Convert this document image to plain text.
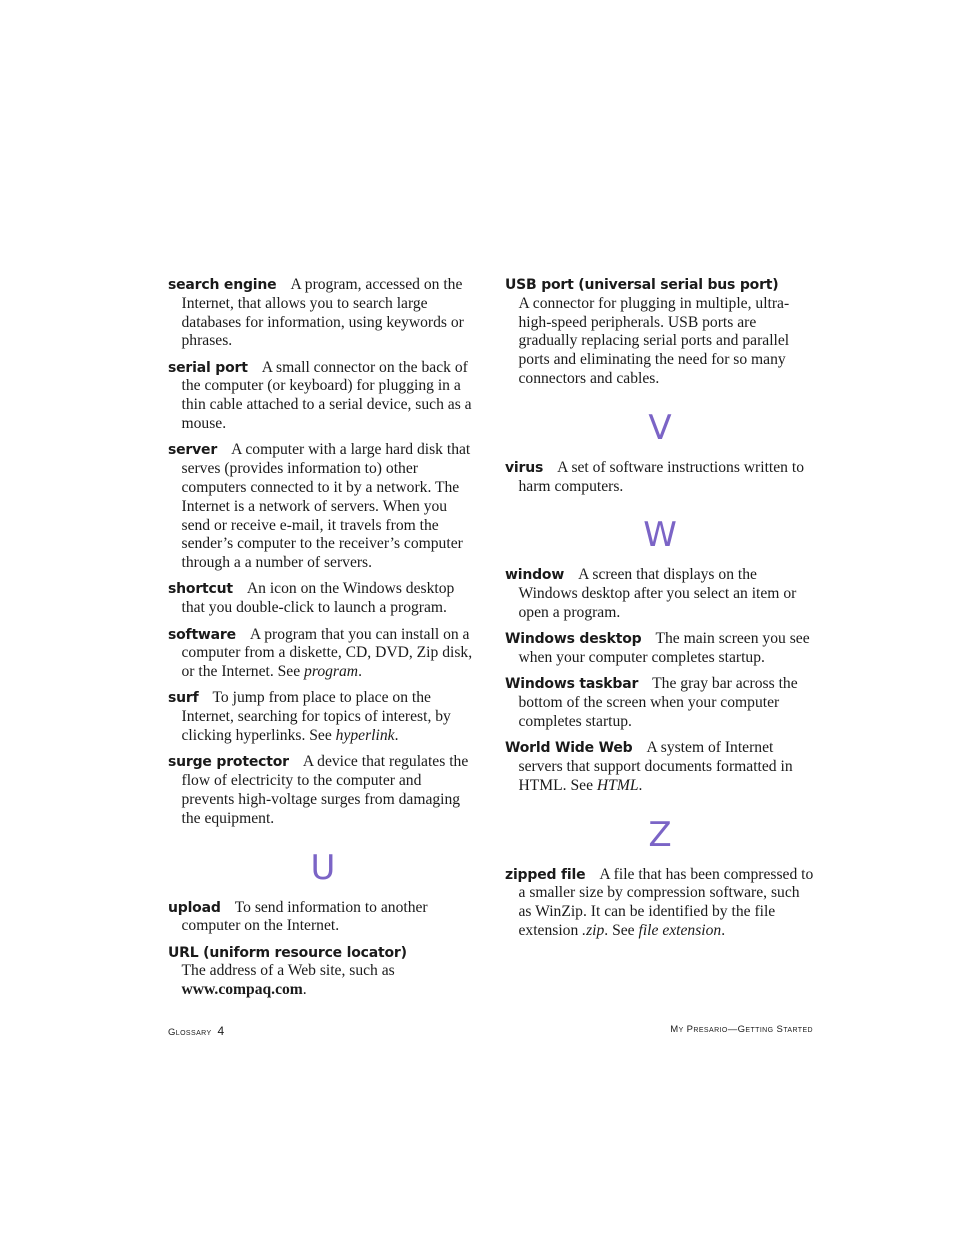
search engine A program, accessed on the Internet, that allows you to search large databases for information, using keywords or phrases.

serial port A small connector on the back of the computer (or keyboard) for plugging in a thin cable attached to a serial device, such as a mouse.

server A computer with a large hard disk that serves (provides information to) other computers connected to it by a network. The Internet is a network of servers. When you send or receive e-mail, it travels from the sender’s computer to the receiver’s computer through a a number of servers.

shortcut An icon on the Windows desktop that you double-click to launch a program.

software A program that you can install on a computer from a diskette, CD, DVD, Zip disk, or the Internet. See program.

surf To jump from place to place on the Internet, searching for topics of interest, by clicking hyperlinks. See hyperlink.

surge protector A device that regulates the flow of electricity to the computer and prevents high-voltage surges from damaging the equipment.

U

upload To send information to another computer on the Internet.

URL (uniform resource locator)
The address of a Web site, such as www.compaq.com.

USB port (universal serial bus port)
A connector for plugging in multiple, ultra-high-speed peripherals. USB ports are gradually replacing serial ports and parallel ports and eliminating the need for so many connectors and cables.

V

virus A set of software instructions written to harm computers.

W

window A screen that displays on the Windows desktop after you select an item or open a program.

Windows desktop The main screen you see when your computer completes startup.

Windows taskbar The gray bar across the bottom of the screen when your computer completes startup.

World Wide Web A system of Internet servers that support documents formatted in HTML. See HTML.

Z

zipped file A file that has been compressed to a smaller size by compression software, such as WinZip. It can be identified by the file extension .zip. See file extension.

Glossary 4	My Presario—Getting Started
